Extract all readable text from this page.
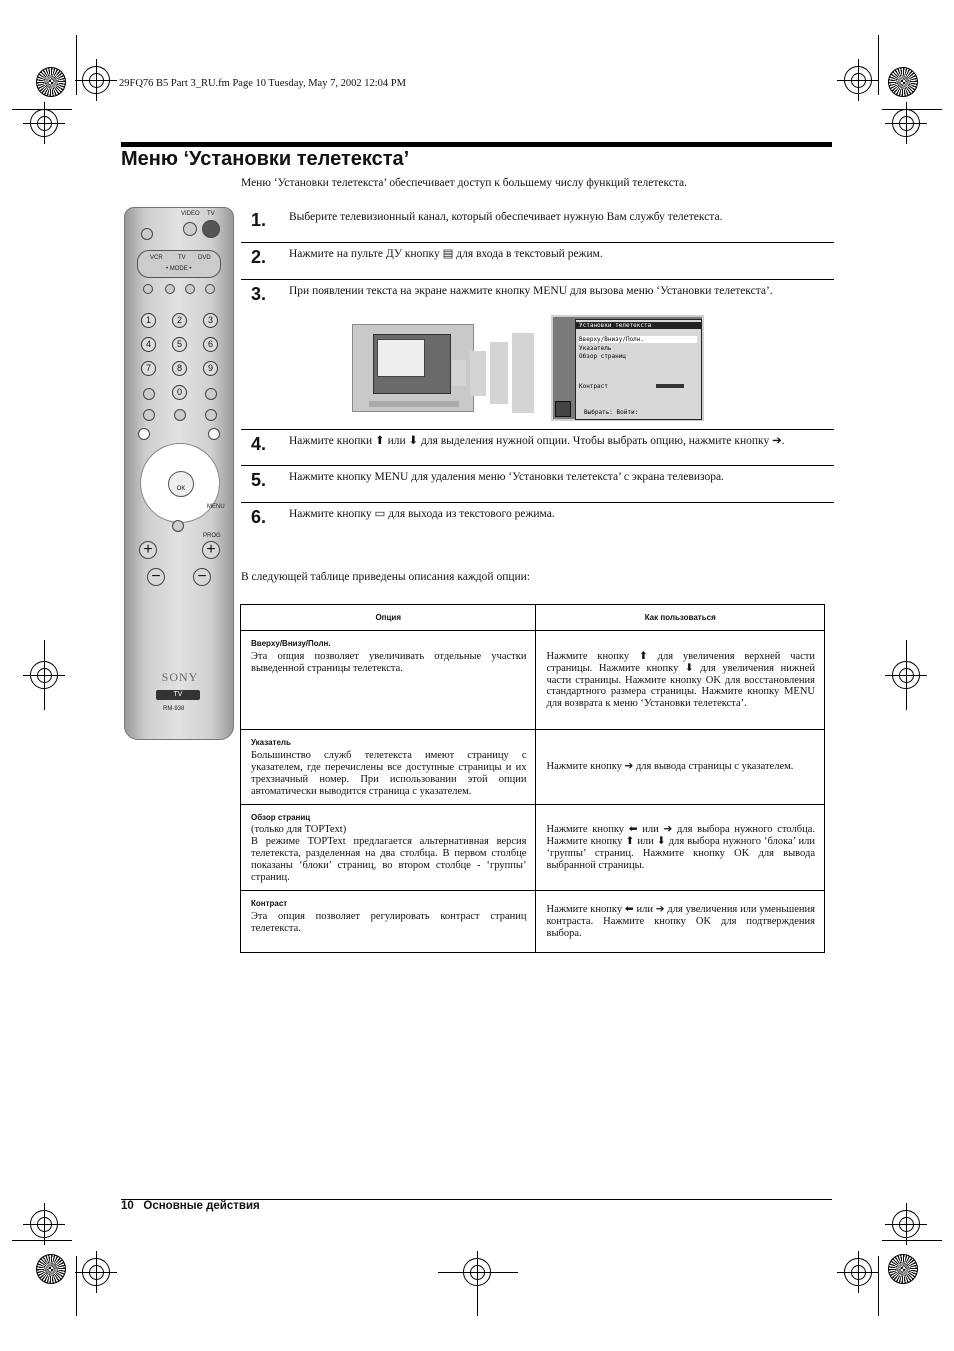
29FQ76 B5 Part 3_RU.fm Page 10 Tuesday, May 7, 2002 12:04 PM
Меню ‘Установки телетекста’

Меню ‘Установки телетекста’ обеспечивает доступ к большему числу функций телетекста.

VIDEO TV
VCR	TV DVD
• MODE •
1	2	3
4	5	6
7	8	9
0
OK
MENU
PROG
+	+
− −
SONY
TV
RM-938
1. Выберите телевизионный канал, который обеспечивает нужную Вам службу телетекста.
2. Нажмите на пульте ДУ кнопку ▤ для входа в текстовый режим.
3. При появлении текста на экране нажмите кнопку MENU для вызова меню ‘Установки телетекста’.
Установки телетекста
Вверху/Внизу/Полн.
Указатель
Обзор страниц
Контраст
Выбрать: Войти:
4. Нажмите кнопки ⬆ или ⬇ для выделения нужной опции. Чтобы выбрать опцию, нажмите кнопку ➔.
5. Нажмите кнопку MENU для удаления меню ‘Установки телетекста’ с экрана телевизора.
6. Нажмите кнопку ▭ для выхода из текстового режима.

В следующей таблице приведены описания каждой опции:

Опция	Как пользоваться

Вверху/Внизу/Полн.
Эта опция позволяет увеличивать отдельные участки выведенной страницы телетекста.	Нажмите кнопку ⬆ для увеличения верхней части страницы. Нажмите кнопку ⬇ для увеличения нижней части страницы. Нажмите кнопку OK для восстановления стандартного размера страницы. Нажмите кнопку MENU для возврата к меню ‘Установки телетекста’.

Указатель
Большинство служб телетекста имеют страницу с указателем, где перечислены все доступные страницы и их трехзначный номер. При использовании этой опции автоматически выводится страница с указателем.	Нажмите кнопку ➔ для вывода страницы с указателем.

Обзор страниц
(только для TOPText)
В режиме TOPText предлагается альтернативная версия телетекста, разделенная на два столбца. В первом столбце показаны ‘блоки’ страниц, во втором столбце - ‘группы’ страниц.	Нажмите кнопку ⬅ или ➔ для выбора нужного столбца. Нажмите кнопку ⬆ или ⬇ для выбора нужного ‘блока’ или ‘группы’ страниц. Нажмите кнопку OK для вывода выбранной страницы.

Контраст
Эта опция позволяет регулировать контраст страниц телетекста.	Нажмите кнопку ⬅ или ➔ для увеличения или уменьшения контраста. Нажмите кнопку OK для подтверждения выбора.
10   Основные действия
